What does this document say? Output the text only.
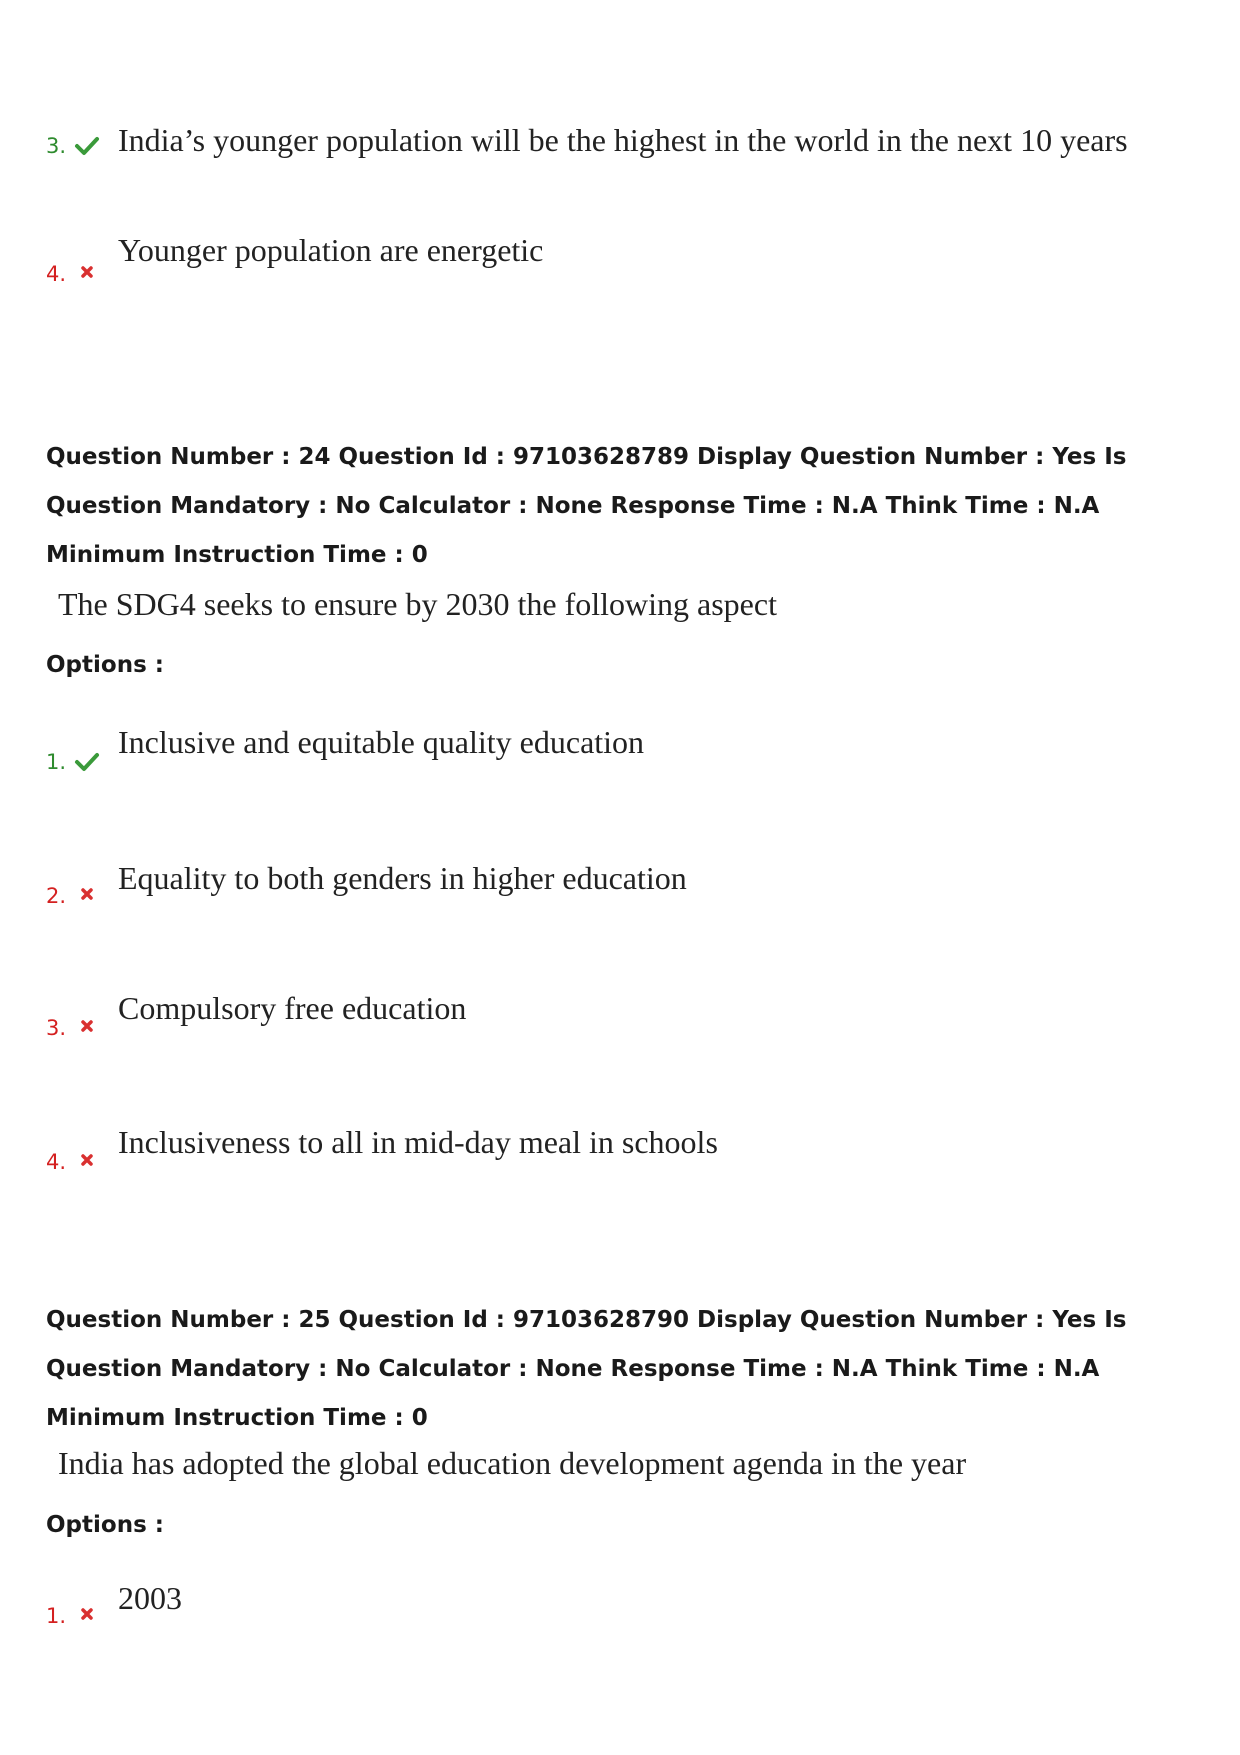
3. India’s younger population will be the highest in the world in the next 10 years
4.
Younger population are energetic
Question Number : 24 Question Id : 97103628789 Display Question Number : Yes Is Question Mandatory : No Calculator : None Response Time : N.A Think Time : N.A Minimum Instruction Time : 0
The SDG4 seeks to ensure by 2030 the following aspect
Options :
1.
Inclusive and equitable quality education
2. Equality to both genders in higher education
3.
Compulsory free education
4.
Inclusiveness to all in mid-day meal in schools
Question Number : 25 Question Id : 97103628790 Display Question Number : Yes Is Question Mandatory : No Calculator : None Response Time : N.A Think Time : N.A Minimum Instruction Time : 0
India has adopted the global education development agenda in the year
Options :
1. 2003
